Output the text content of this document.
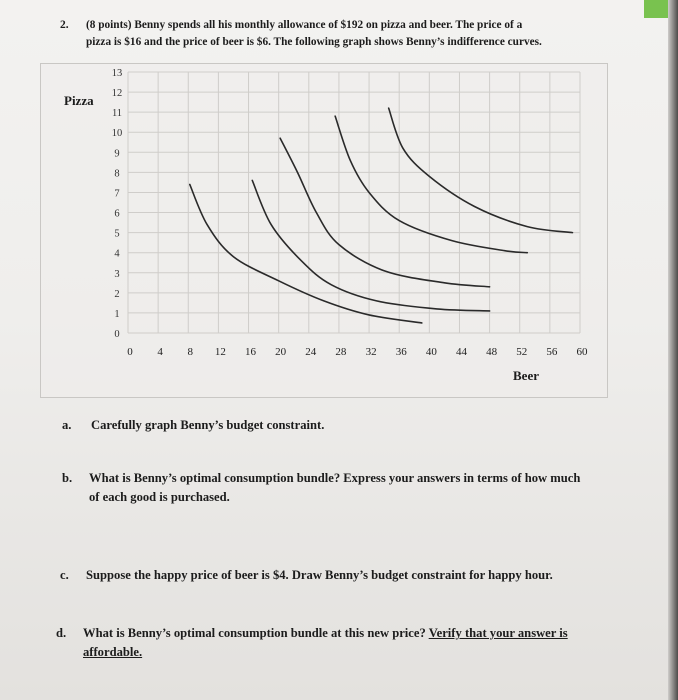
2. (8 points) Benny spends all his monthly allowance of $192 on pizza and beer. The price of a
pizza is $16 and the price of beer is $6. The following graph shows Benny’s indifference curves.
0
1
2
3
4
5
6
7
8
9
10
11
12
13
0 4 8 12 16 20 24 28 32 36 40 44 48 52 56 60
Pizza
Beer
a. Carefully graph Benny’s budget constraint.
b. What is Benny’s optimal consumption bundle? Express your answers in terms of how much
of each good is purchased.
c. Suppose the happy price of beer is $4. Draw Benny’s budget constraint for happy hour.
d. What is Benny’s optimal consumption bundle at this new price? Verify that your answer is
affordable.
